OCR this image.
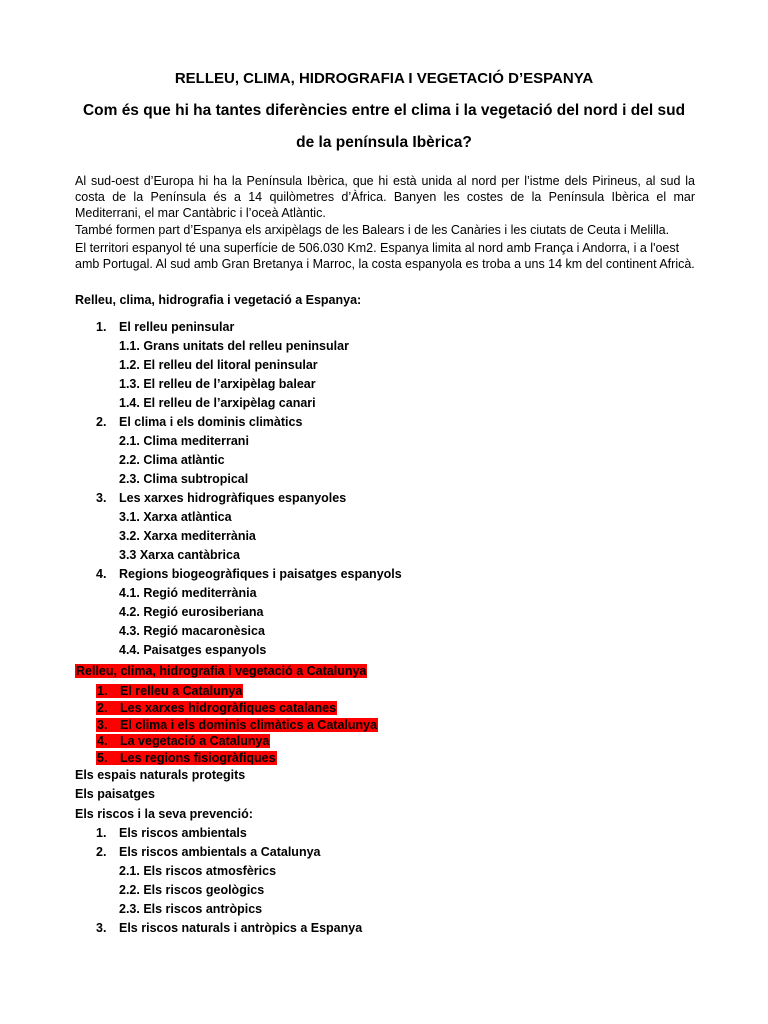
RELLEU, CLIMA, HIDROGRAFIA I VEGETACIÓ D’ESPANYA
Com és que hi ha tantes diferències entre el clima i la vegetació del nord i del sud
de la península Ibèrica?

Al sud-oest d’Europa hi ha la Península Ibèrica, que hi està unida al nord per l’istme dels Pirineus, al sud la costa de la Península és a 14 quilòmetres d’Àfrica. Banyen les costes de la Península Ibèrica el mar Mediterrani, el mar Cantàbric i l’oceà Atlàntic.

També formen part d’Espanya els arxipèlags de les Balears i de les Canàries i les ciutats de Ceuta i Melilla.

El territori espanyol té una superfície de 506.030 Km2. Espanya limita al nord amb França i Andorra, i a l'oest amb Portugal. Al sud amb Gran Bretanya i Marroc, la costa espanyola es troba a uns 14 km del continent Africà.

Relleu, clima, hidrografia i vegetació a Espanya:
1. El relleu peninsular
1.1. Grans unitats del relleu peninsular
1.2. El relleu del litoral peninsular
1.3. El relleu de l’arxipèlag balear
1.4. El relleu de l’arxipèlag canari
2. El clima i els dominis climàtics
2.1. Clima mediterrani
2.2. Clima atlàntic
2.3. Clima subtropical
3. Les xarxes hidrogràfiques espanyoles
3.1. Xarxa atlàntica
3.2. Xarxa mediterrània
3.3 Xarxa cantàbrica
4. Regions biogeogràfiques i paisatges espanyols
4.1. Regió mediterrània
4.2. Regió eurosiberiana
4.3. Regió macaronèsica
4.4. Paisatges espanyols
Relleu, clima, hidrografia i vegetació a Catalunya
1. El relleu a Catalunya
2. Les xarxes hidrogràfiques catalanes
3. El clima i els dominis climàtics a Catalunya
4. La vegetació a Catalunya
5. Les regions fisiogràfiques
Els espais naturals protegits
Els paisatges
Els riscos i la seva prevenció:
1. Els riscos ambientals
2. Els riscos ambientals a Catalunya
2.1. Els riscos atmosfèrics
2.2. Els riscos geològics
2.3. Els riscos antròpics
3. Els riscos naturals i antròpics a Espanya
